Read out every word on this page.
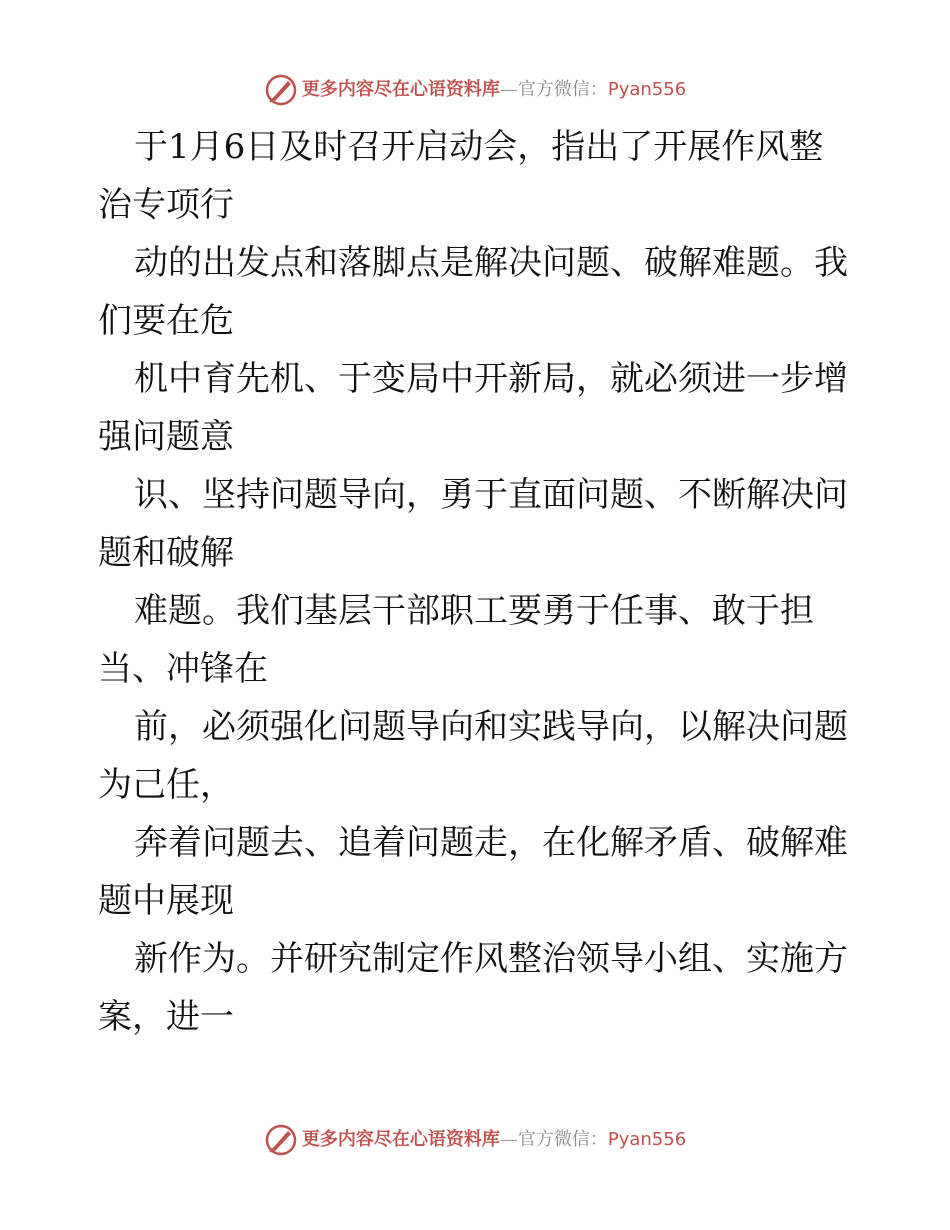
更多内容尽在心语资料库—官方微信：Pyan556
于1月6日及时召开启动会，指出了开展作风整
治专项行
动的出发点和落脚点是解决问题、破解难题。我
们要在危
机中育先机、于变局中开新局，就必须进一步增
强问题意
识、坚持问题导向，勇于直面问题、不断解决问
题和破解
难题。我们基层干部职工要勇于任事、敢于担
当、冲锋在
前，必须强化问题导向和实践导向，以解决问题
为己任，
奔着问题去、追着问题走，在化解矛盾、破解难
题中展现
新作为。并研究制定作风整治领导小组、实施方
案，进一
更多内容尽在心语资料库—官方微信：Pyan556
